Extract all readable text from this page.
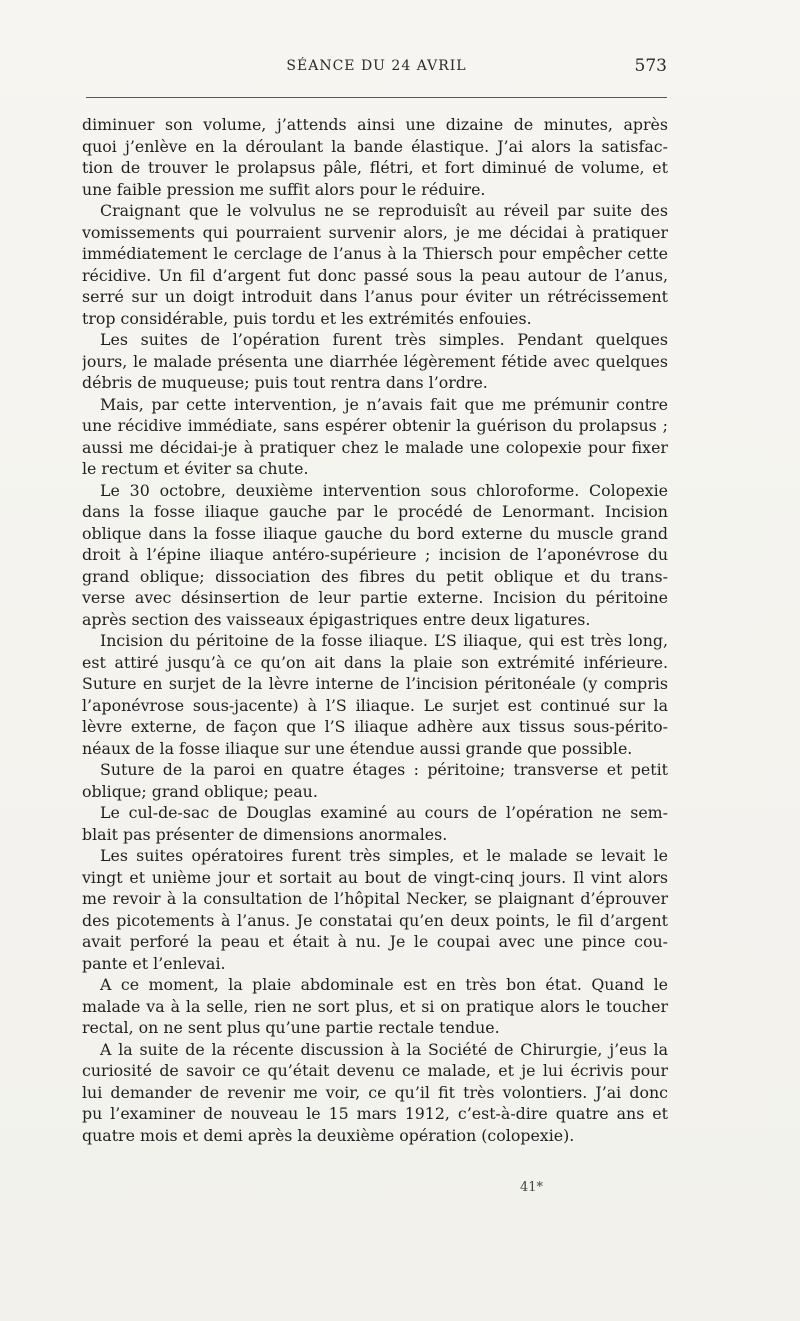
SÉANCE DU 24 AVRIL	573
diminuer son volume, j’attends ainsi une dizaine de minutes, après
quoi j’enlève en la déroulant la bande élastique. J’ai alors la satisfac-
tion de trouver le prolapsus pâle, flétri, et fort diminué de volume, et
une faible pression me suffit alors pour le réduire.
Craignant que le volvulus ne se reproduisît au réveil par suite des
vomissements qui pourraient survenir alors, je me décidai à pratiquer
immédiatement le cerclage de l’anus à la Thiersch pour empêcher cette
récidive. Un fil d’argent fut donc passé sous la peau autour de l’anus,
serré sur un doigt introduit dans l’anus pour éviter un rétrécissement
trop considérable, puis tordu et les extrémités enfouies.
Les suites de l’opération furent très simples. Pendant quelques
jours, le malade présenta une diarrhée légèrement fétide avec quelques
débris de muqueuse; puis tout rentra dans l’ordre.
Mais, par cette intervention, je n’avais fait que me prémunir contre
une récidive immédiate, sans espérer obtenir la guérison du prolapsus ;
aussi me décidai-je à pratiquer chez le malade une colopexie pour fixer
le rectum et éviter sa chute.
Le 30 octobre, deuxième intervention sous chloroforme. Colopexie
dans la fosse iliaque gauche par le procédé de Lenormant. Incision
oblique dans la fosse iliaque gauche du bord externe du muscle grand
droit à l’épine iliaque antéro-supérieure ; incision de l’aponévrose du
grand oblique; dissociation des fibres du petit oblique et du trans-
verse avec désinsertion de leur partie externe. Incision du péritoine
après section des vaisseaux épigastriques entre deux ligatures.
Incision du péritoine de la fosse iliaque. L’S iliaque, qui est très long,
est attiré jusqu’à ce qu’on ait dans la plaie son extrémité inférieure.
Suture en surjet de la lèvre interne de l’incision péritonéale (y compris
l’aponévrose sous-jacente) à l’S iliaque. Le surjet est continué sur la
lèvre externe, de façon que l’S iliaque adhère aux tissus sous-périto-
néaux de la fosse iliaque sur une étendue aussi grande que possible.
Suture de la paroi en quatre étages : péritoine; transverse et petit
oblique; grand oblique; peau.
Le cul-de-sac de Douglas examiné au cours de l’opération ne sem-
blait pas présenter de dimensions anormales.
Les suites opératoires furent très simples, et le malade se levait le
vingt et unième jour et sortait au bout de vingt-cinq jours. Il vint alors
me revoir à la consultation de l’hôpital Necker, se plaignant d’éprouver
des picotements à l’anus. Je constatai qu’en deux points, le fil d’argent
avait perforé la peau et était à nu. Je le coupai avec une pince cou-
pante et l’enlevai.
A ce moment, la plaie abdominale est en très bon état. Quand le
malade va à la selle, rien ne sort plus, et si on pratique alors le toucher
rectal, on ne sent plus qu’une partie rectale tendue.
A la suite de la récente discussion à la Société de Chirurgie, j’eus la
curiosité de savoir ce qu’était devenu ce malade, et je lui écrivis pour
lui demander de revenir me voir, ce qu’il fit très volontiers. J’ai donc
pu l’examiner de nouveau le 15 mars 1912, c’est-à-dire quatre ans et
quatre mois et demi après la deuxième opération (colopexie).
41*
